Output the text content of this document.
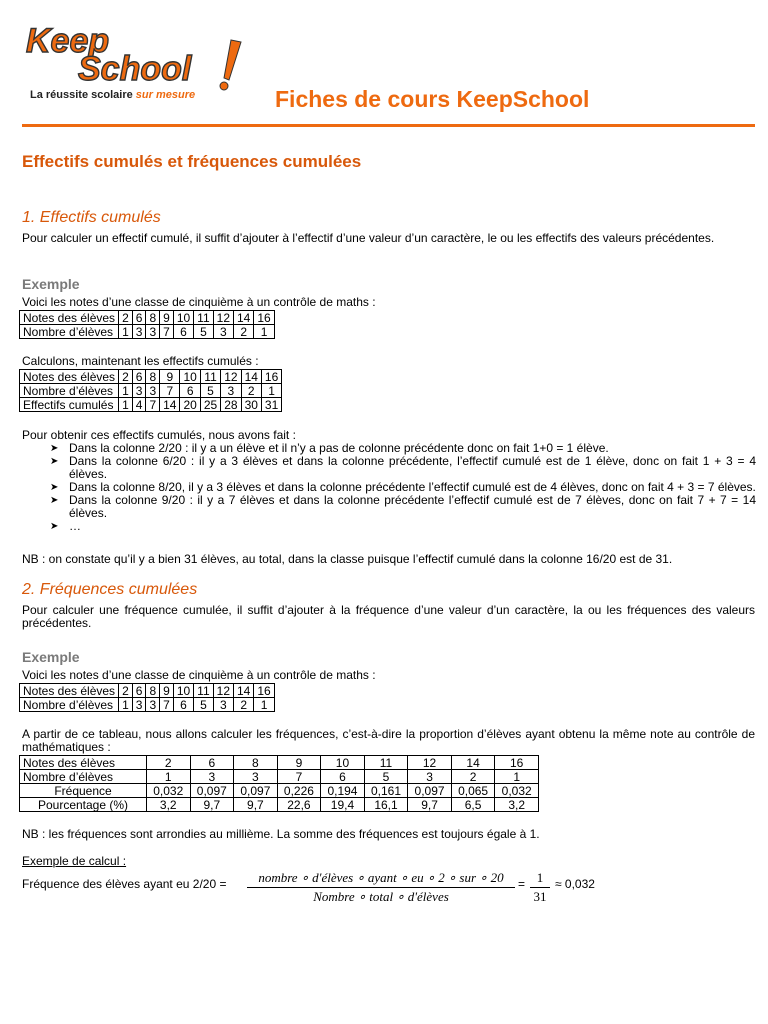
Keep
School
La réussite scolaire sur mesure	Fiches de cours KeepSchool
Effectifs cumulés et fréquences cumulées
1. Effectifs cumulés
Pour calculer un effectif cumulé, il suffit d’ajouter à l’effectif d’une valeur d’un caractère, le ou les effectifs des valeurs précédentes.
Exemple
Voici les notes d’une classe de cinquième à un contrôle de maths :
Notes des élèves	2	6	8	9	10	11	12	14	16
Nombre d’élèves	1	3	3	7	6	5	3	2	1
Calculons, maintenant les effectifs cumulés :
Notes des élèves	2	6	8	9	10	11	12	14	16
Nombre d’élèves	1	3	3	7	6	5	3	2	1
Effectifs cumulés	1	4	7	14	20	25	28	30	31
Pour obtenir ces effectifs cumulés, nous avons fait :
➤ Dans la colonne 2/20 : il y a un élève et il n’y a pas de colonne précédente donc on fait 1+0 = 1 élève.
➤ Dans la colonne 6/20 : il y a 3 élèves et dans la colonne précédente, l’effectif cumulé est de 1 élève, donc on fait 1 + 3 = 4 élèves.
➤ Dans la colonne 8/20, il y a 3 élèves et dans la colonne précédente l’effectif cumulé est de 4 élèves, donc on fait 4 + 3 = 7 élèves.
➤ Dans la colonne 9/20 : il y a 7 élèves et dans la colonne précédente l’effectif cumulé est de 7 élèves, donc on fait 7 + 7 = 14 élèves.
➤ …
NB : on constate qu’il y a bien 31 élèves, au total, dans la classe puisque l’effectif cumulé dans la colonne 16/20 est de 31.
2. Fréquences cumulées
Pour calculer une fréquence cumulée, il suffit d’ajouter à la fréquence d’une valeur d’un caractère, la ou les fréquences des valeurs précédentes.
Exemple
Voici les notes d’une classe de cinquième à un contrôle de maths :
Notes des élèves	2	6	8	9	10	11	12	14	16
Nombre d’élèves	1	3	3	7	6	5	3	2	1
A partir de ce tableau, nous allons calculer les fréquences, c’est-à-dire la proportion d’élèves ayant obtenu la même note au contrôle de mathématiques :
Notes des élèves	2	6	8	9	10	11	12	14	16
Nombre d’élèves	1	3	3	7	6	5	3	2	1
Fréquence	0,032	0,097	0,097	0,226	0,194	0,161	0,097	0,065	0,032
Pourcentage (%)	3,2	9,7	9,7	22,6	19,4	16,1	9,7	6,5	3,2
NB : les fréquences sont arrondies au millième. La somme des fréquences est toujours égale à 1.
Exemple de calcul :
Fréquence des élèves ayant eu 2/20 =	nombre ∘ d'élèves ∘ ayant ∘ eu ∘ 2 ∘ sur ∘ 20
Nombre ∘ total ∘ d'élèves
= 1
31
≈ 0,032
